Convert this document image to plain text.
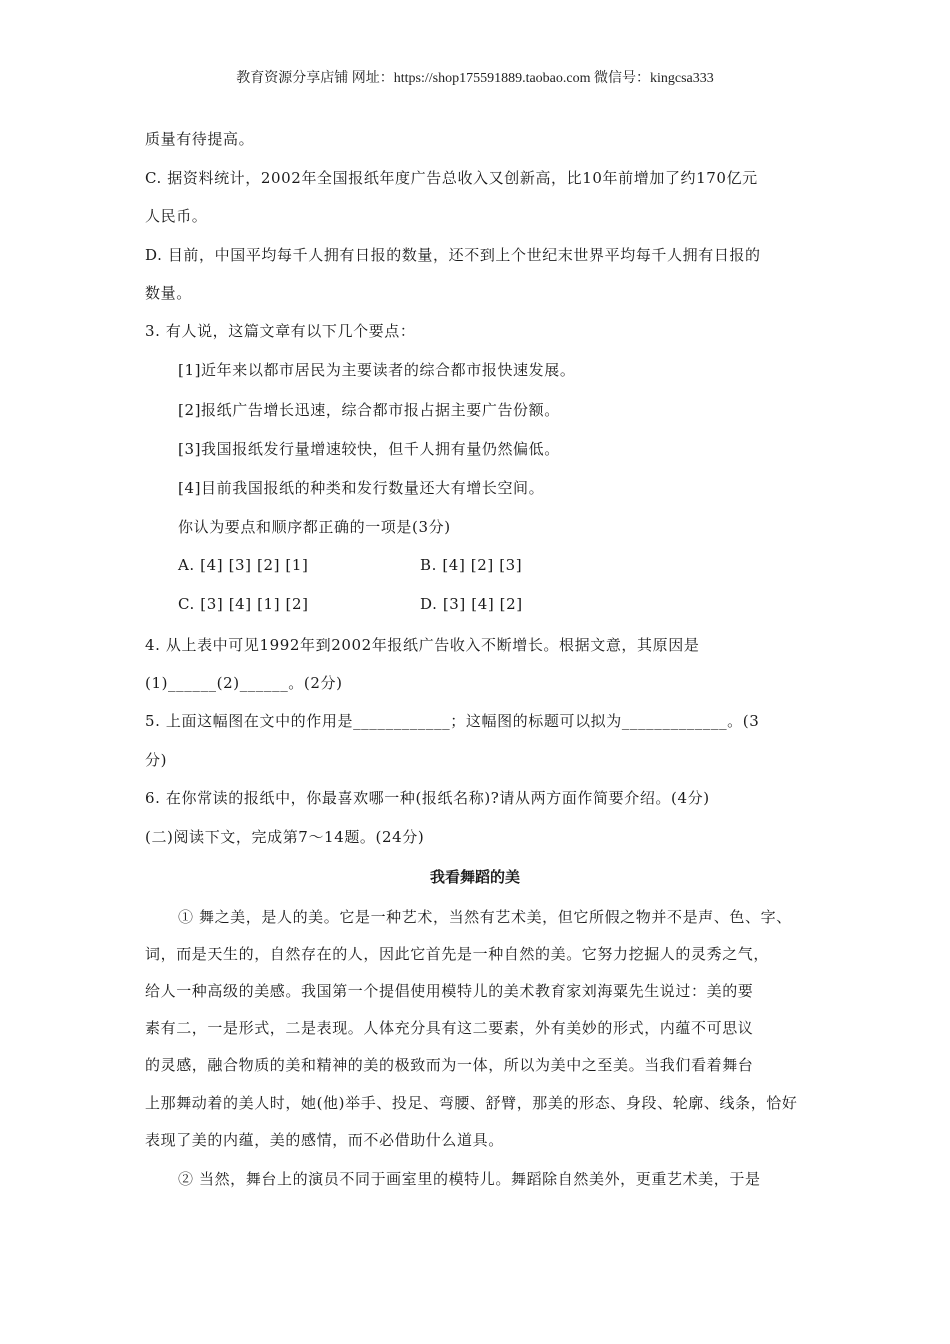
教育资源分享店铺 网址：https://shop175591889.taobao.com 微信号：kingcsa333
质量有待提高。
C. 据资料统计，2002年全国报纸年度广告总收入又创新高，比10年前增加了约170亿元
人民币。
D. 目前，中国平均每千人拥有日报的数量，还不到上个世纪末世界平均每千人拥有日报的
数量。
3. 有人说，这篇文章有以下几个要点：
[1]近年来以都市居民为主要读者的综合都市报快速发展。
[2]报纸广告增长迅速，综合都市报占据主要广告份额。
[3]我国报纸发行量增速较快，但千人拥有量仍然偏低。
[4]目前我国报纸的种类和发行数量还大有增长空间。
你认为要点和顺序都正确的一项是(3分)
A. [4] [3] [2] [1]	B. [4] [2] [3]
C. [3] [4] [1] [2]	D. [3] [4] [2]
4. 从上表中可见1992年到2002年报纸广告收入不断增长。根据文意，其原因是
(1)______(2)______。(2分)
5. 上面这幅图在文中的作用是____________；这幅图的标题可以拟为_____________。(3
分)
6. 在你常读的报纸中，你最喜欢哪一种(报纸名称)?请从两方面作简要介绍。(4分)
(二)阅读下文，完成第7～14题。(24分)
我看舞蹈的美
① 舞之美，是人的美。它是一种艺术，当然有艺术美，但它所假之物并不是声、色、字、
词，而是天生的，自然存在的人，因此它首先是一种自然的美。它努力挖掘人的灵秀之气，
给人一种高级的美感。我国第一个提倡使用模特儿的美术教育家刘海粟先生说过：美的要
素有二，一是形式，二是表现。人体充分具有这二要素，外有美妙的形式，内蕴不可思议
的灵感，融合物质的美和精神的美的极致而为一体，所以为美中之至美。当我们看着舞台
上那舞动着的美人时，她(他)举手、投足、弯腰、舒臂，那美的形态、身段、轮廓、线条，恰好
表现了美的内蕴，美的感情，而不必借助什么道具。
② 当然，舞台上的演员不同于画室里的模特儿。舞蹈除自然美外，更重艺术美，于是
